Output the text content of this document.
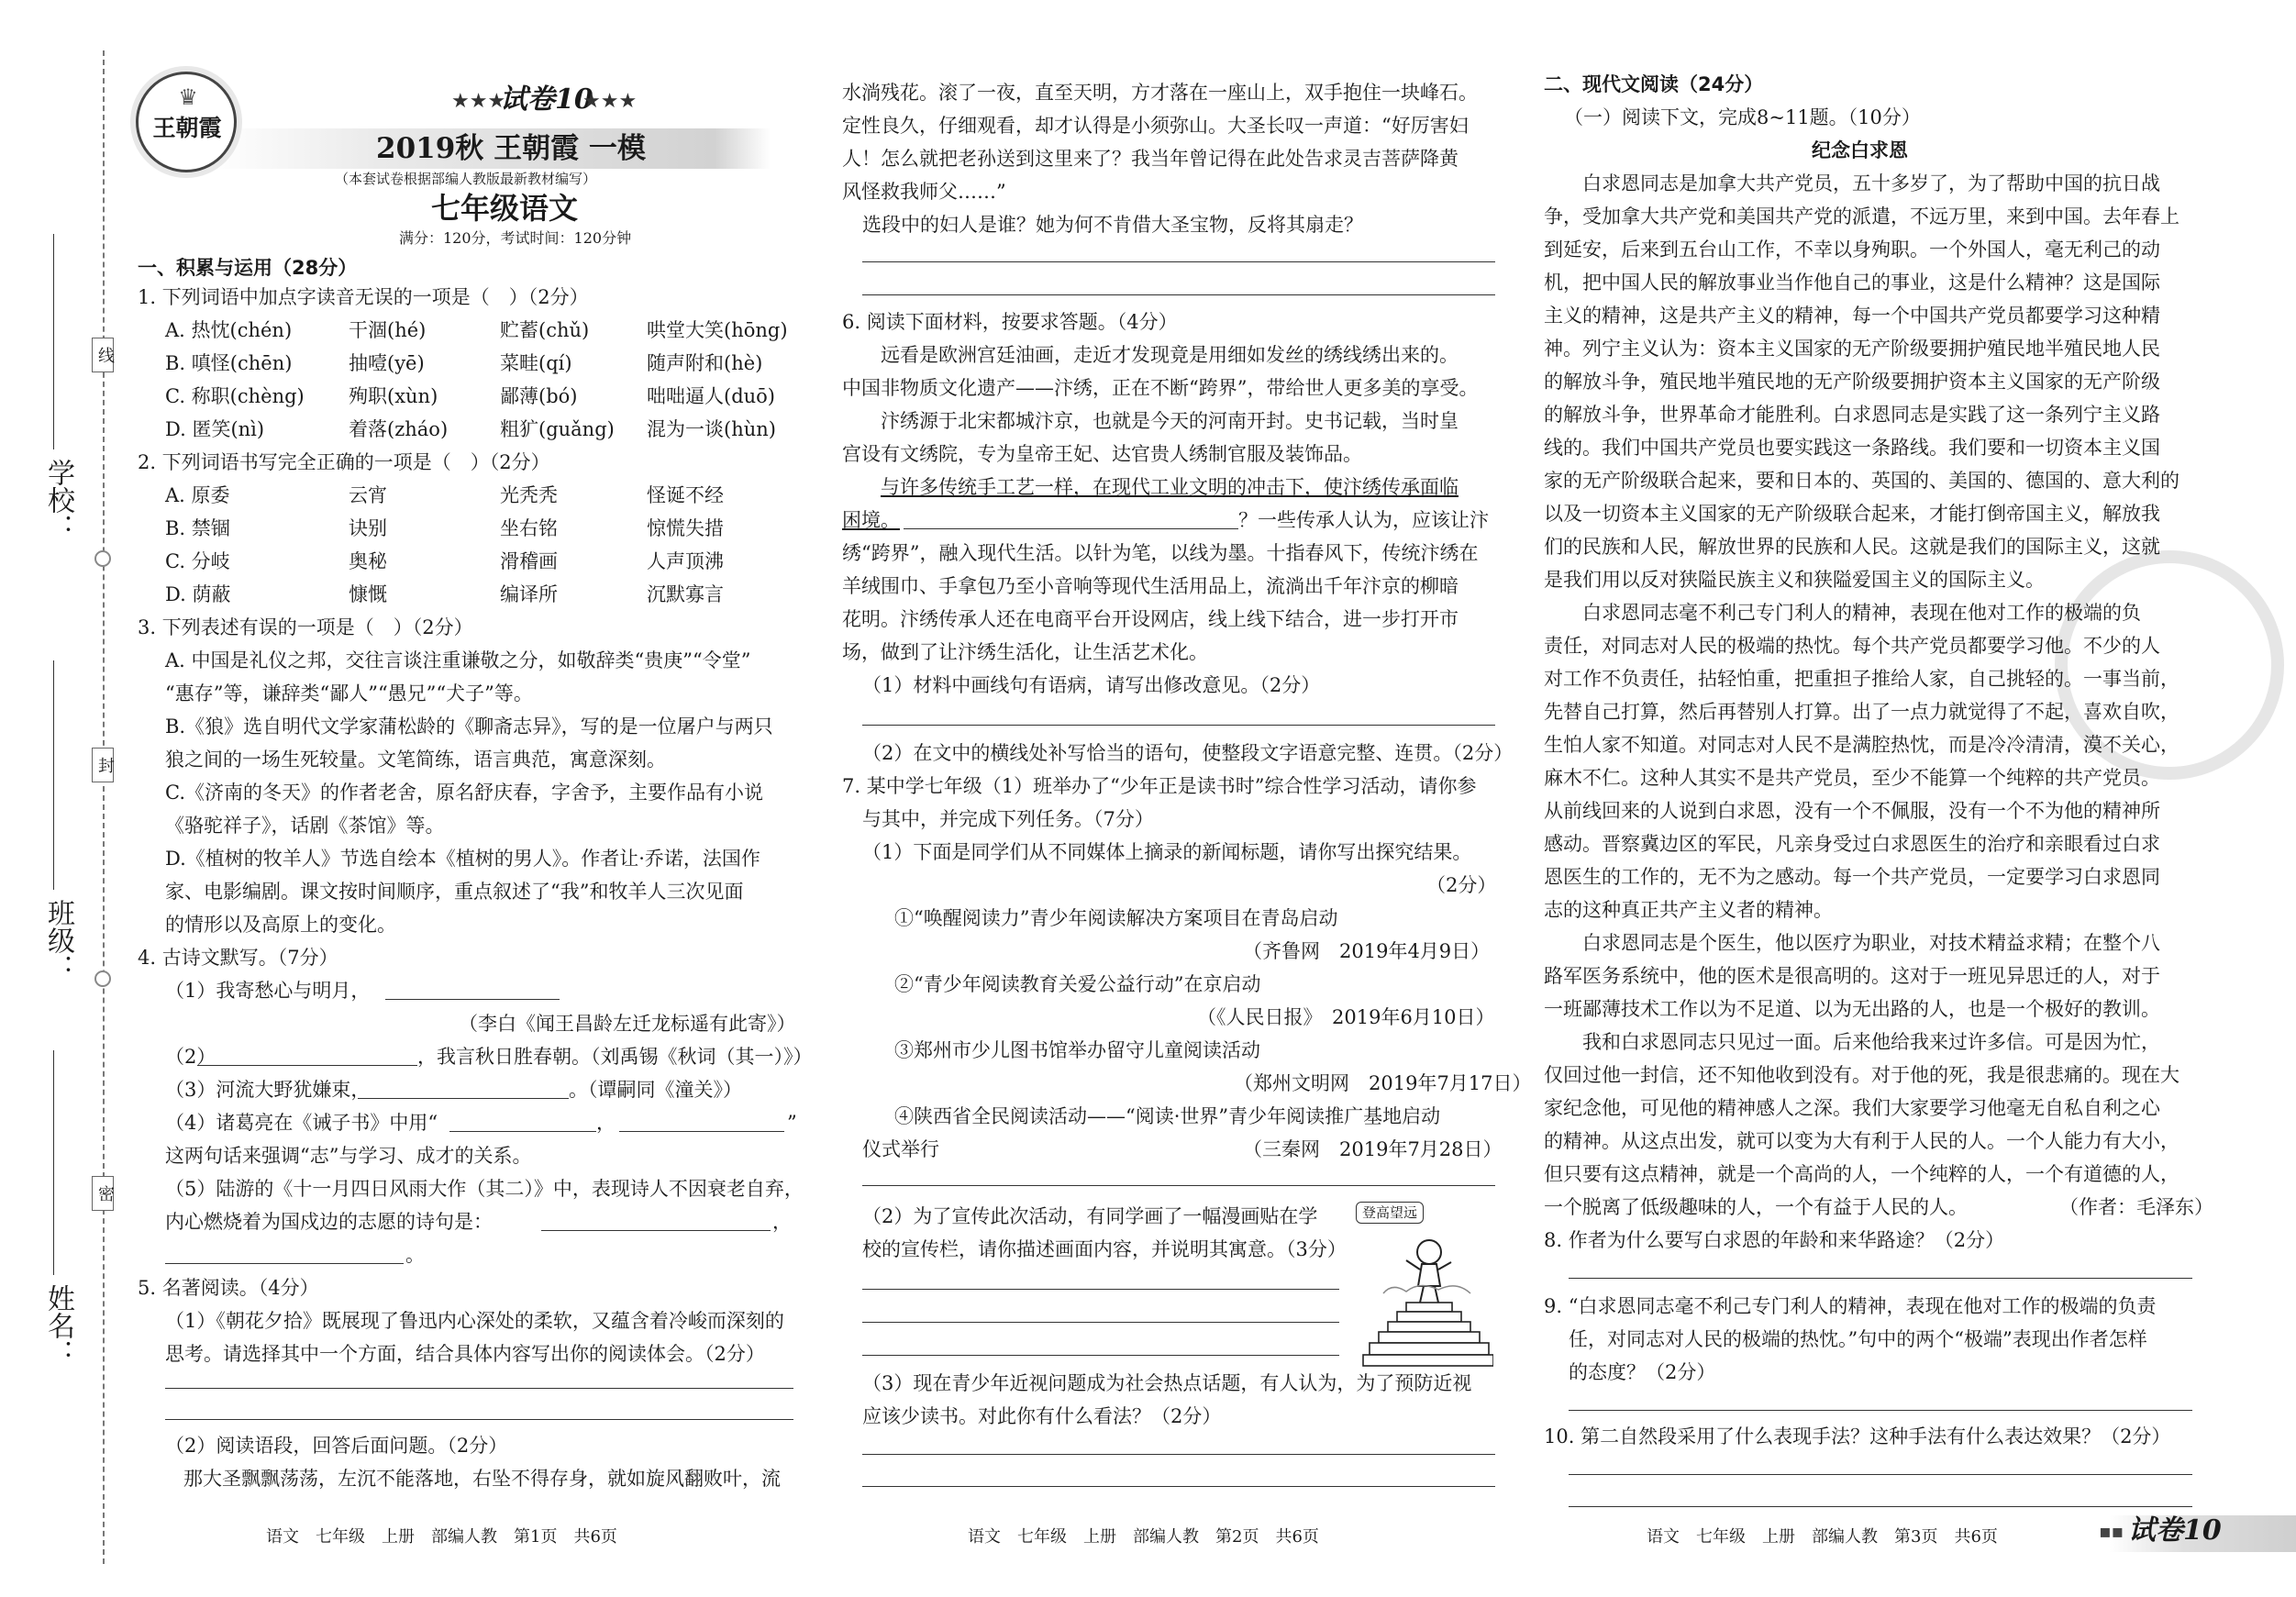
线
封
密
学校：
班级：
姓名：
♛
王朝霞
★★★
试卷10
★★★
2019秋 王朝霞 一模
（本套试卷根据部编人教版最新教材编写）
七年级语文
满分：120分，考试时间：120分钟
一、积累与运用（28分）
1. 下列词语中加点字读音无误的一项是（　）（2分）
A. 热忱(chén)	干涸(hé)	贮蓄(chǔ)	哄堂大笑(hōng)
B. 嗔怪(chēn)	抽噎(yē)	菜畦(qí)	随声附和(hè)
C. 称职(chèng) 殉职(xùn)	鄙薄(bó)	咄咄逼人(duō)
D. 匿笑(nì)	着落(zháo)	粗犷(guǎng) 混为一谈(hùn)
2. 下列词语书写完全正确的一项是（　）（2分）
A. 原委	云宵	光秃秃	怪诞不经
B. 禁锢	诀别	坐右铭	惊慌失措
C. 分岐	奥秘	滑稽画	人声顶沸
D. 荫蔽	慷慨	编译所	沉默寡言
3. 下列表述有误的一项是（　）（2分）
A. 中国是礼仪之邦，交往言谈注重谦敬之分，如敬辞类“贵庚”“令堂”
“惠存”等，谦辞类“鄙人”“愚兄”“犬子”等。
B.《狼》选自明代文学家蒲松龄的《聊斋志异》，写的是一位屠户与两只
狼之间的一场生死较量。文笔简练，语言典范，寓意深刻。
C.《济南的冬天》的作者老舍，原名舒庆春，字舍予，主要作品有小说
《骆驼祥子》，话剧《茶馆》等。
D.《植树的牧羊人》节选自绘本《植树的男人》。作者让·乔诺，法国作
家、电影编剧。课文按时间顺序，重点叙述了“我”和牧羊人三次见面
的情形以及高原上的变化。
4. 古诗文默写。（7分）
（1）我寄愁心与明月，
（李白《闻王昌龄左迁龙标遥有此寄》）
（2）	，我言秋日胜春朝。（刘禹锡《秋词（其一）》）
（3）河流大野犹嫌束，	。（谭嗣同《潼关》）
（4）诸葛亮在《诫子书》中用“	，	”
这两句话来强调“志”与学习、成才的关系。
（5）陆游的《十一月四日风雨大作（其二）》中，表现诗人不因衰老自弃，
内心燃烧着为国戍边的志愿的诗句是：	，
。
5. 名著阅读。（4分）
（1）《朝花夕拾》既展现了鲁迅内心深处的柔软，又蕴含着冷峻而深刻的
思考。请选择其中一个方面，结合具体内容写出你的阅读体会。（2分）
（2）阅读语段，回答后面问题。（2分）
那大圣飘飘荡荡，左沉不能落地，右坠不得存身，就如旋风翻败叶，流
语文　七年级　上册　部编人教　第1页　共6页
水淌残花。滚了一夜，直至天明，方才落在一座山上，双手抱住一块峰石。
定性良久，仔细观看，却才认得是小须弥山。大圣长叹一声道：“好厉害妇
人！怎么就把老孙送到这里来了？我当年曾记得在此处告求灵吉菩萨降黄
风怪救我师父……”
选段中的妇人是谁？她为何不肯借大圣宝物，反将其扇走？
6. 阅读下面材料，按要求答题。（4分）
远看是欧洲宫廷油画，走近才发现竟是用细如发丝的绣线绣出来的。
中国非物质文化遗产——汴绣，正在不断“跨界”，带给世人更多美的享受。
汴绣源于北宋都城汴京，也就是今天的河南开封。史书记载，当时皇
宫设有文绣院，专为皇帝王妃、达官贵人绣制官服及装饰品。
与许多传统手工艺一样，在现代工业文明的冲击下，使汴绣传承面临
困境。	？一些传承人认为，应该让汴
绣“跨界”，融入现代生活。以针为笔，以线为墨。十指春风下，传统汴绣在
羊绒围巾、手拿包乃至小音响等现代生活用品上，流淌出千年汴京的柳暗
花明。汴绣传承人还在电商平台开设网店，线上线下结合，进一步打开市
场，做到了让汴绣生活化，让生活艺术化。
（1）材料中画线句有语病，请写出修改意见。（2分）
（2）在文中的横线处补写恰当的语句，使整段文字语意完整、连贯。（2分）
7. 某中学七年级（1）班举办了“少年正是读书时”综合性学习活动，请你参
与其中，并完成下列任务。（7分）
（1）下面是同学们从不同媒体上摘录的新闻标题，请你写出探究结果。
（2分）
①“唤醒阅读力”青少年阅读解决方案项目在青岛启动
（齐鲁网　2019年4月9日）
②“青少年阅读教育关爱公益行动”在京启动
（《人民日报》　2019年6月10日）
③郑州市少儿图书馆举办留守儿童阅读活动
（郑州文明网　2019年7月17日）
④陕西省全民阅读活动——“阅读·世界”青少年阅读推广基地启动
仪式举行	（三秦网　2019年7月28日）
（2）为了宣传此次活动，有同学画了一幅漫画贴在学
校的宣传栏，请你描述画面内容，并说明其寓意。（3分）
登高望远
（3）现在青少年近视问题成为社会热点话题，有人认为，为了预防近视
应该少读书。对此你有什么看法？（2分）
语文　七年级　上册　部编人教　第2页　共6页
二、现代文阅读（24分）
（一）阅读下文，完成8~11题。（10分）
纪念白求恩
白求恩同志是加拿大共产党员，五十多岁了，为了帮助中国的抗日战
争，受加拿大共产党和美国共产党的派遣，不远万里，来到中国。去年春上
到延安，后来到五台山工作，不幸以身殉职。一个外国人，毫无利己的动
机，把中国人民的解放事业当作他自己的事业，这是什么精神？这是国际
主义的精神，这是共产主义的精神，每一个中国共产党员都要学习这种精
神。列宁主义认为：资本主义国家的无产阶级要拥护殖民地半殖民地人民
的解放斗争，殖民地半殖民地的无产阶级要拥护资本主义国家的无产阶级
的解放斗争，世界革命才能胜利。白求恩同志是实践了这一条列宁主义路
线的。我们中国共产党员也要实践这一条路线。我们要和一切资本主义国
家的无产阶级联合起来，要和日本的、英国的、美国的、德国的、意大利的
以及一切资本主义国家的无产阶级联合起来，才能打倒帝国主义，解放我
们的民族和人民，解放世界的民族和人民。这就是我们的国际主义，这就
是我们用以反对狭隘民族主义和狭隘爱国主义的国际主义。
白求恩同志毫不利己专门利人的精神，表现在他对工作的极端的负
责任，对同志对人民的极端的热忱。每个共产党员都要学习他。不少的人
对工作不负责任，拈轻怕重，把重担子推给人家，自己挑轻的。一事当前，
先替自己打算，然后再替别人打算。出了一点力就觉得了不起，喜欢自吹，
生怕人家不知道。对同志对人民不是满腔热忱，而是冷冷清清，漠不关心，
麻木不仁。这种人其实不是共产党员，至少不能算一个纯粹的共产党员。
从前线回来的人说到白求恩，没有一个不佩服，没有一个不为他的精神所
感动。晋察冀边区的军民，凡亲身受过白求恩医生的治疗和亲眼看过白求
恩医生的工作的，无不为之感动。每一个共产党员，一定要学习白求恩同
志的这种真正共产主义者的精神。
白求恩同志是个医生，他以医疗为职业，对技术精益求精；在整个八
路军医务系统中，他的医术是很高明的。这对于一班见异思迁的人，对于
一班鄙薄技术工作以为不足道、以为无出路的人，也是一个极好的教训。
我和白求恩同志只见过一面。后来他给我来过许多信。可是因为忙，
仅回过他一封信，还不知他收到没有。对于他的死，我是很悲痛的。现在大
家纪念他，可见他的精神感人之深。我们大家要学习他毫无自私自利之心
的精神。从这点出发，就可以变为大有利于人民的人。一个人能力有大小，
但只要有这点精神，就是一个高尚的人，一个纯粹的人，一个有道德的人，
一个脱离了低级趣味的人，一个有益于人民的人。	（作者：毛泽东）
8. 作者为什么要写白求恩的年龄和来华路途？（2分）
9. “白求恩同志毫不利己专门利人的精神，表现在他对工作的极端的负责
任，对同志对人民的极端的热忱。”句中的两个“极端”表现出作者怎样
的态度？（2分）
10. 第二自然段采用了什么表现手法？这种手法有什么表达效果？（2分）
语文　七年级　上册　部编人教　第3页　共6页	▪▪ 试卷10
